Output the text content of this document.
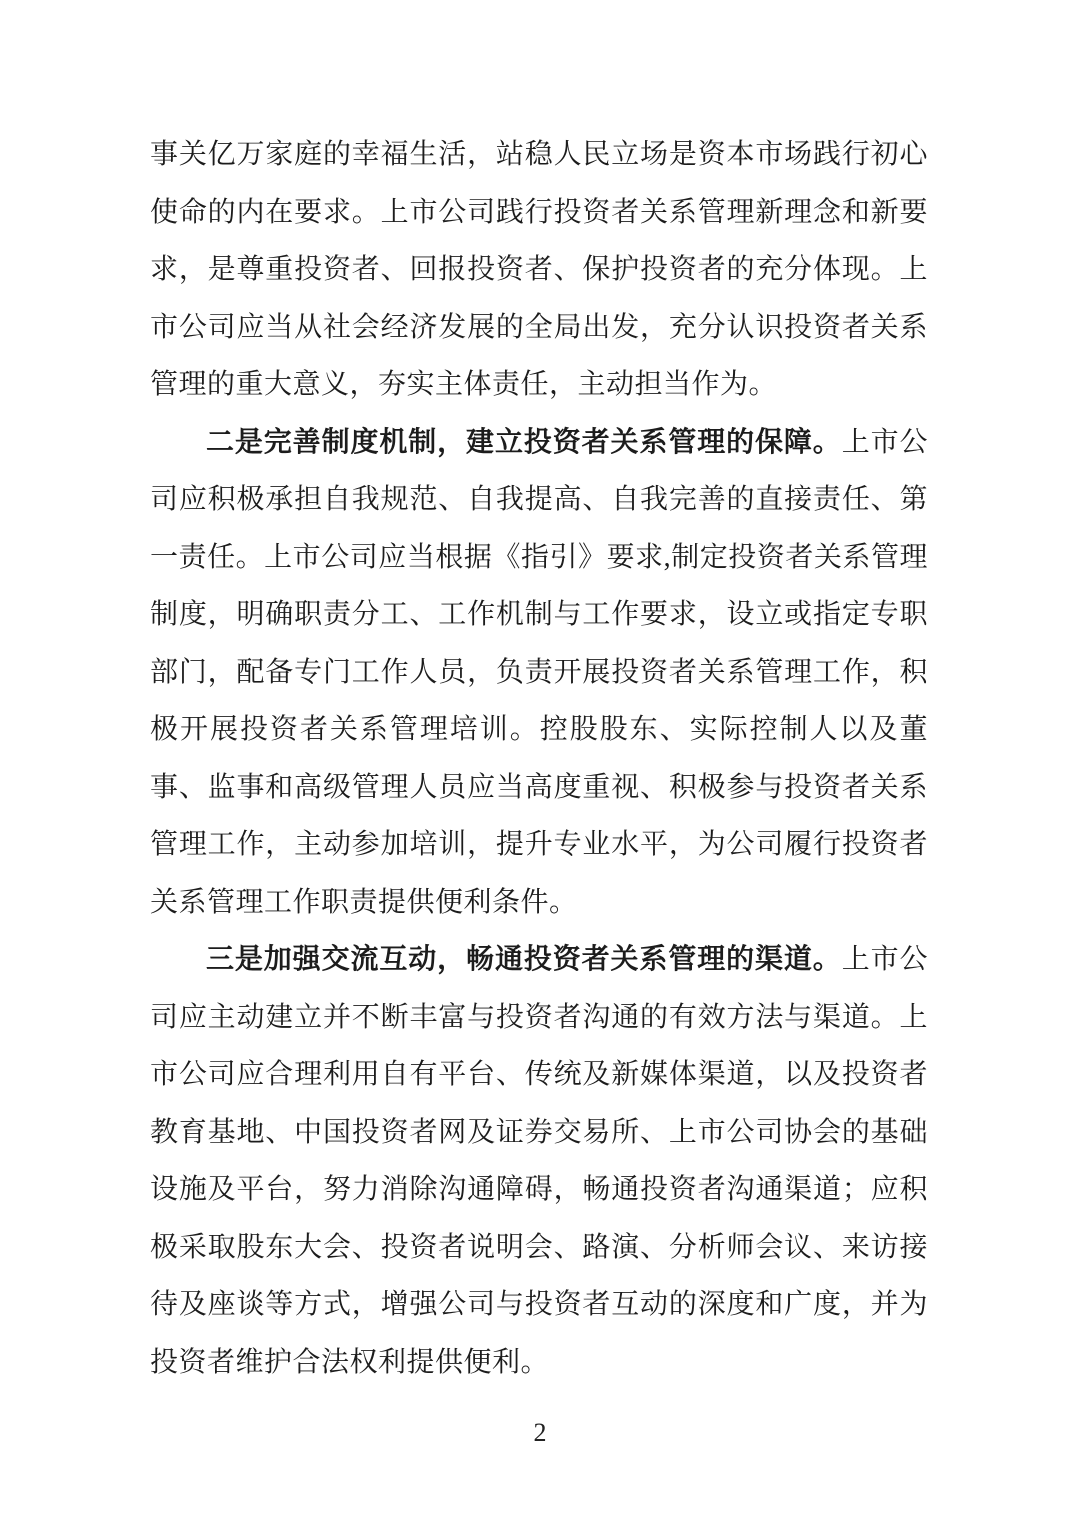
事关亿万家庭的幸福生活，站稳人民立场是资本市场践行初心使命的内在要求。上市公司践行投资者关系管理新理念和新要求，是尊重投资者、回报投资者、保护投资者的充分体现。上市公司应当从社会经济发展的全局出发，充分认识投资者关系管理的重大意义，夯实主体责任，主动担当作为。

二是完善制度机制，建立投资者关系管理的保障。上市公司应积极承担自我规范、自我提高、自我完善的直接责任、第一责任。上市公司应当根据《指引》要求,制定投资者关系管理制度，明确职责分工、工作机制与工作要求，设立或指定专职部门，配备专门工作人员，负责开展投资者关系管理工作，积极开展投资者关系管理培训。控股股东、实际控制人以及董事、监事和高级管理人员应当高度重视、积极参与投资者关系管理工作，主动参加培训，提升专业水平，为公司履行投资者关系管理工作职责提供便利条件。

三是加强交流互动，畅通投资者关系管理的渠道。上市公司应主动建立并不断丰富与投资者沟通的有效方法与渠道。上市公司应合理利用自有平台、传统及新媒体渠道，以及投资者教育基地、中国投资者网及证券交易所、上市公司协会的基础设施及平台，努力消除沟通障碍，畅通投资者沟通渠道；应积极采取股东大会、投资者说明会、路演、分析师会议、来访接待及座谈等方式，增强公司与投资者互动的深度和广度，并为投资者维护合法权利提供便利。

2
